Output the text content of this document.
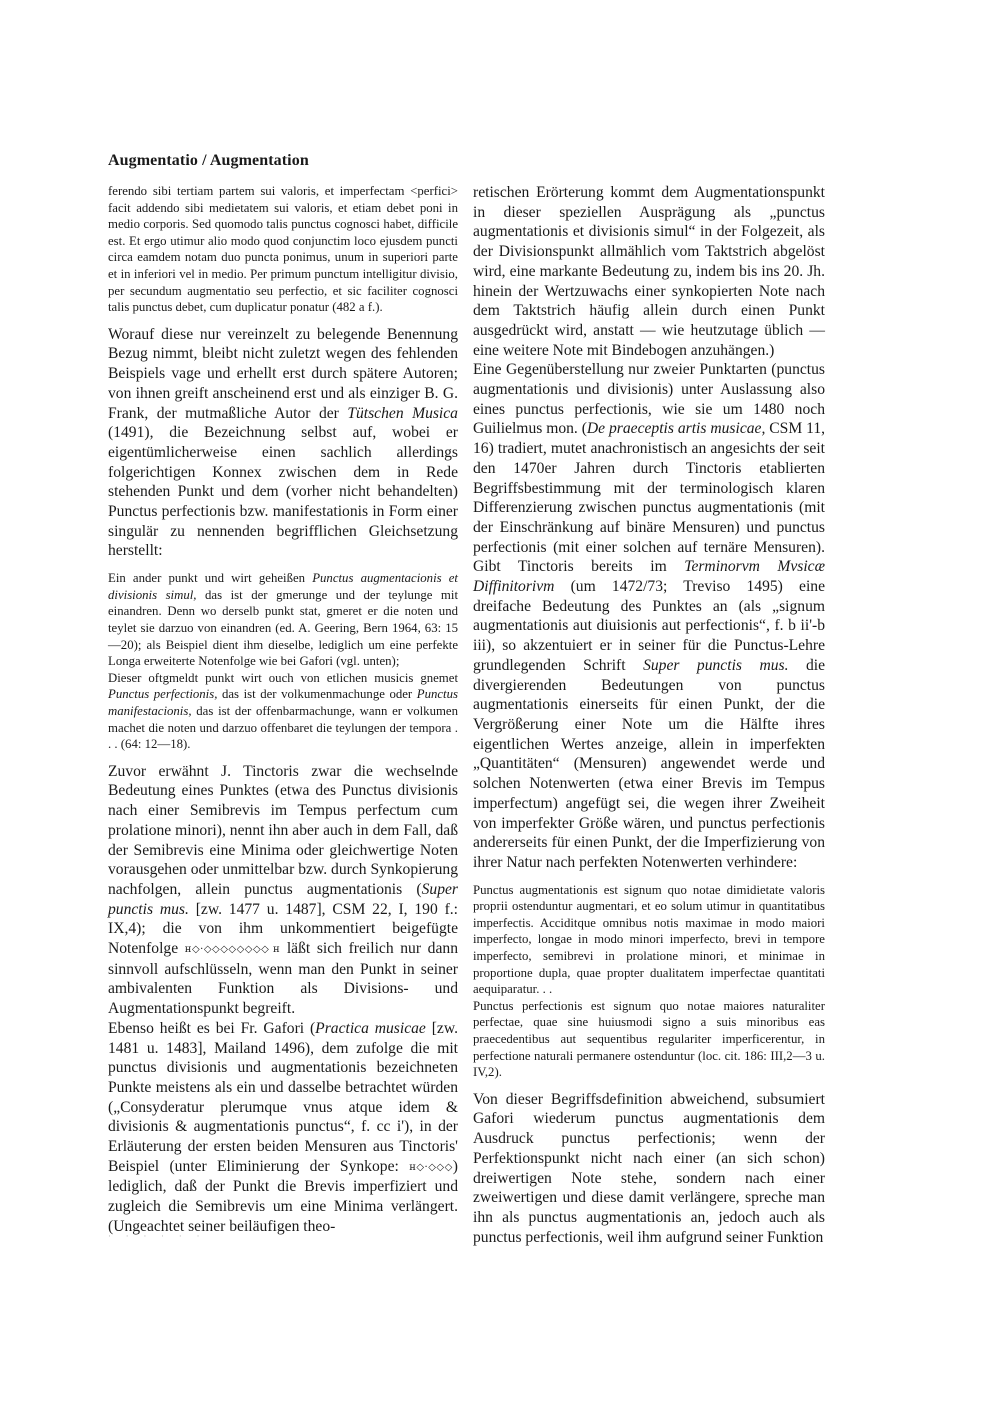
Augmentatio / Augmentation

ferendo sibi tertiam partem sui valoris, et imperfectam <perfici> facit addendo sibi medietatem sui valoris, et etiam debet poni in medio corporis. Sed quomodo talis punctus cognosci habet, difficile est. Et ergo utimur alio modo quod conjunctim loco ejusdem puncti circa eamdem notam duo puncta ponimus, unum in superiori parte et in inferiori vel in medio. Per primum punctum intelligitur divisio, per secundum augmentatio seu perfectio, et sic faciliter cognosci talis punctus debet, cum duplicatur ponatur (482 a f.).

Worauf diese nur vereinzelt zu belegende Benennung Bezug nimmt, bleibt nicht zuletzt wegen des fehlenden Beispiels vage und erhellt erst durch spätere Autoren; von ihnen greift anscheinend erst und als einziger B. G. Frank, der mutmaßliche Autor der Tütschen Musica (1491), die Bezeichnung selbst auf, wobei er eigentümlicherweise einen sachlich allerdings folgerichtigen Konnex zwischen dem in Rede stehenden Punkt und dem (vorher nicht behandelten) Punctus perfectionis bzw. manifestationis in Form einer singulär zu nennenden begrifflichen Gleichsetzung herstellt:

Ein ander punkt und wirt geheißen Punctus augmentacionis et divisionis simul, das ist der gmerunge und der teylunge mit einandren. Denn wo derselb punkt stat, gmeret er die noten und teylet sie darzuo von einandren (ed. A. Geering, Bern 1964, 63: 15—20); als Beispiel dient ihm dieselbe, lediglich um eine perfekte Longa erweiterte Notenfolge wie bei Gafori (vgl. unten);

Dieser oftgmeldt punkt wirt ouch von etlichen musicis gnemet Punctus perfectionis, das ist der volkumenmachunge oder Punctus manifestacionis, das ist der offenbarmachunge, wann er volkumen machet die noten und darzuo offenbaret die teylungen der tempora . . . (64: 12—18).

Zuvor erwähnt J. Tinctoris zwar die wechselnde Bedeutung eines Punktes (etwa des Punctus divisionis nach einer Semibrevis im Tempus perfectum cum prolatione minori), nennt ihn aber auch in dem Fall, daß der Semibrevis eine Minima oder gleichwertige Noten vorausgehen oder unmittelbar bzw. durch Synkopierung nachfolgen, allein punctus augmentationis (Super punctis mus. [zw. 1477 u. 1487], CSM 22, I, 190 f.: IX,4); die von ihm unkommentiert beigefügte Notenfolge ʜ◇·◇◇◇◇◇◇◇◇ ʜ läßt sich freilich nur dann sinnvoll aufschlüsseln, wenn man den Punkt in seiner ambivalenten Funktion als Divisions- und Augmentationspunkt begreift.

Ebenso heißt es bei Fr. Gafori (Practica musicae [zw. 1481 u. 1483], Mailand 1496), dem zufolge die mit punctus divisionis und augmentationis bezeichneten Punkte meistens als ein und dasselbe betrachtet würden („Consyderatur plerumque vnus atque idem & divisionis & augmentationis punctus“, f. cc i'), in der Erläuterung der ersten beiden Mensuren aus Tinctoris' Beispiel (unter Eliminierung der Synkope: ʜ◇·◇◇◇) lediglich, daß der Punkt die Brevis imperfiziert und zugleich die Semibrevis um eine Minima verlängert. (Ungeachtet seiner beiläufigen theo-

retischen Erörterung kommt dem Augmentationspunkt in dieser speziellen Ausprägung als „punctus augmentationis et divisionis simul“ in der Folgezeit, als der Divisionspunkt allmählich vom Taktstrich abgelöst wird, eine markante Bedeutung zu, indem bis ins 20. Jh. hinein der Wertzuwachs einer synkopierten Note nach dem Taktstrich häufig allein durch einen Punkt ausgedrückt wird, anstatt — wie heutzutage üblich — eine weitere Note mit Bindebogen anzuhängen.)

Eine Gegenüberstellung nur zweier Punktarten (punctus augmentationis und divisionis) unter Auslassung also eines punctus perfectionis, wie sie um 1480 noch Guilielmus mon. (De praeceptis artis musicae, CSM 11, 16) tradiert, mutet anachronistisch an angesichts der seit den 1470er Jahren durch Tinctoris etablierten Begriffsbestimmung mit der terminologisch klaren Differenzierung zwischen punctus augmentationis (mit der Einschränkung auf binäre Mensuren) und punctus perfectionis (mit einer solchen auf ternäre Mensuren). Gibt Tinctoris bereits im Terminorvm Mvsicæ Diffinitorivm (um 1472/73; Treviso 1495) eine dreifache Bedeutung des Punktes an (als „signum augmentationis aut diuisionis aut perfectionis“, f. b ii'-b iii), so akzentuiert er in seiner für die Punctus-Lehre grundlegenden Schrift Super punctis mus. die divergierenden Bedeutungen von punctus augmentationis einerseits für einen Punkt, der die Vergrößerung einer Note um die Hälfte ihres eigentlichen Wertes anzeige, allein in imperfekten „Quantitäten“ (Mensuren) angewendet werde und solchen Notenwerten (etwa einer Brevis im Tempus imperfectum) angefügt sei, die wegen ihrer Zweiheit von imperfekter Größe wären, und punctus perfectionis andererseits für einen Punkt, der die Imperfizierung von ihrer Natur nach perfekten Notenwerten verhindere:

Punctus augmentationis est signum quo notae dimidietate valoris proprii ostenduntur augmentari, et eo solum utimur in quantitatibus imperfectis. Acciditque omnibus notis maximae in modo maiori imperfecto, longae in modo minori imperfecto, brevi in tempore imperfecto, semibrevi in prolatione minori, et minimae in proportione dupla, quae propter dualitatem imperfectae quantitati aequiparatur. . .

Punctus perfectionis est signum quo notae maiores naturaliter perfectae, quae sine huiusmodi signo a suis minoribus eas praecedentibus aut sequentibus regulariter imperficerentur, in perfectione naturali permanere ostenduntur (loc. cit. 186: III,2—3 u. IV,2).

Von dieser Begriffsdefinition abweichend, subsumiert Gafori wiederum punctus augmentationis dem Ausdruck punctus perfectionis; wenn der Perfektionspunkt nicht nach einer (an sich schon) dreiwertigen Note stehe, sondern nach einer zweiwertigen und diese damit verlängere, spreche man ihn als punctus augmentationis an, jedoch auch als punctus perfectionis, weil ihm aufgrund seiner Funktion

· · · · · ·
